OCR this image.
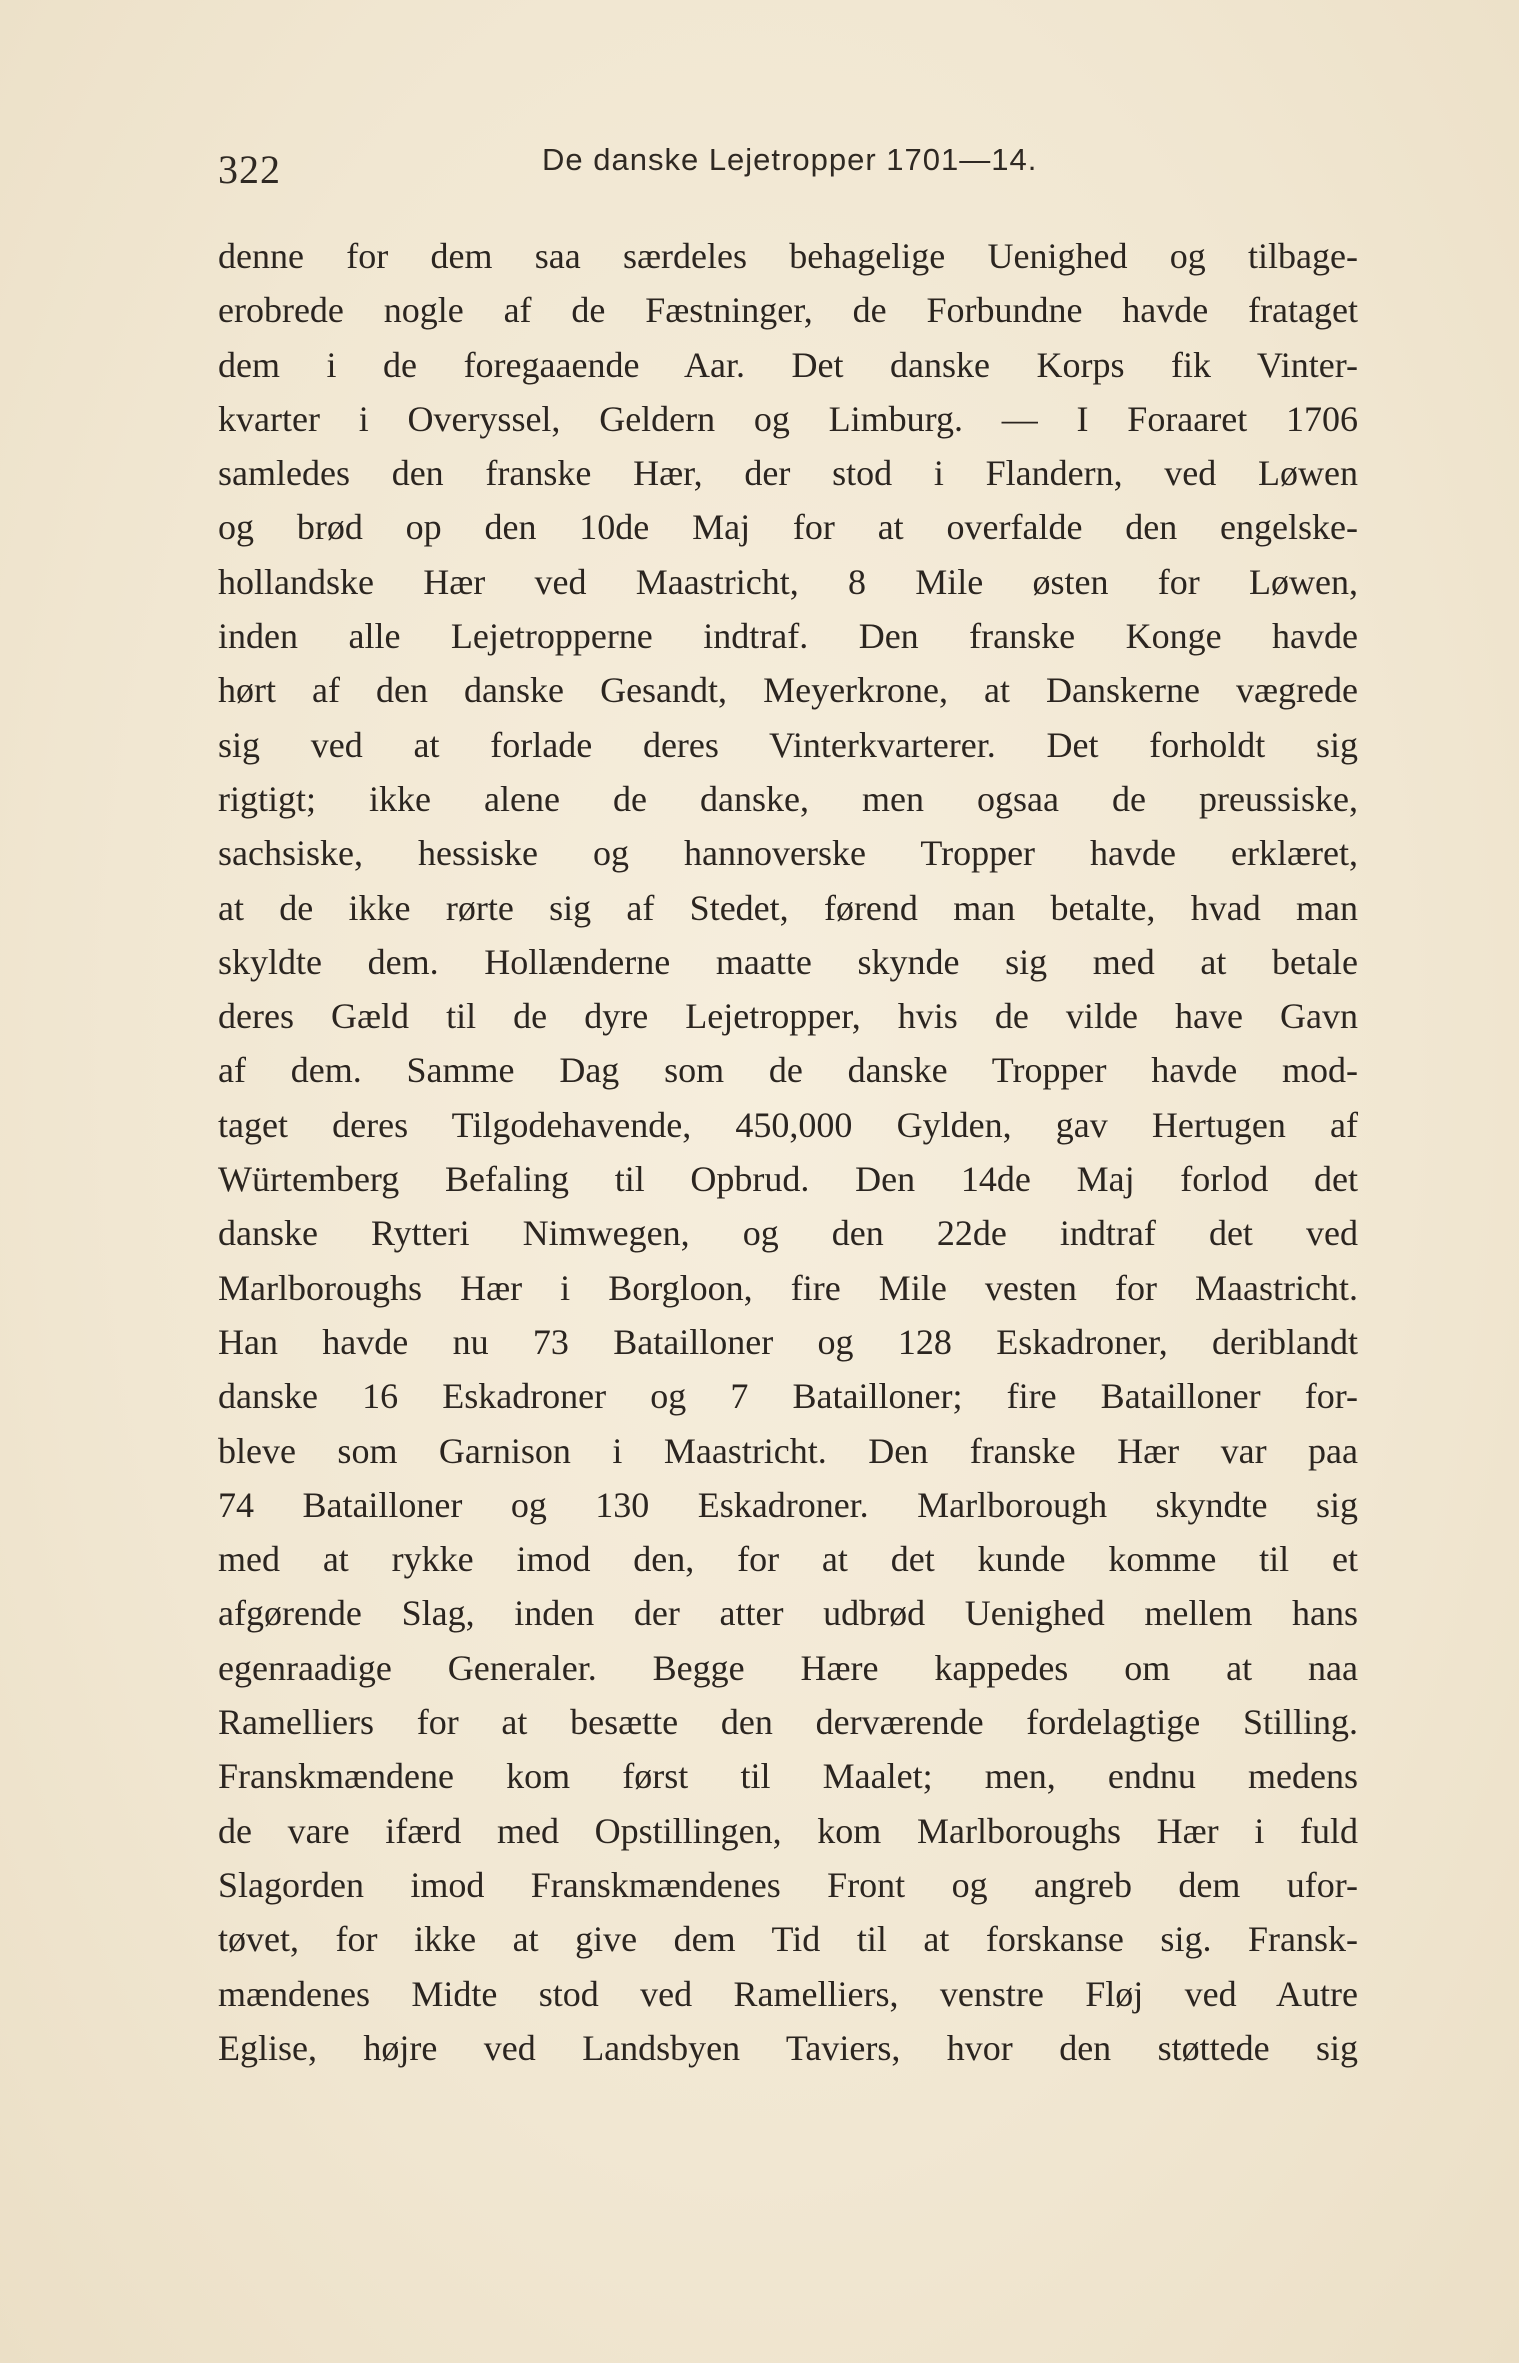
322	De danske Lejetropper 1701—14.
denne for dem saa særdeles behagelige Uenighed og tilbage-
erobrede nogle af de Fæstninger, de Forbundne havde frataget
dem i de foregaaende Aar. Det danske Korps fik Vinter-
kvarter i Overyssel, Geldern og Limburg. — I Foraaret 1706
samledes den franske Hær, der stod i Flandern, ved Løwen
og brød op den 10de Maj for at overfalde den engelske-
hollandske Hær ved Maastricht, 8 Mile østen for Løwen,
inden alle Lejetropperne indtraf. Den franske Konge havde
hørt af den danske Gesandt, Meyerkrone, at Danskerne vægrede
sig ved at forlade deres Vinterkvarterer. Det forholdt sig
rigtigt; ikke alene de danske, men ogsaa de preussiske,
sachsiske, hessiske og hannoverske Tropper havde erklæret,
at de ikke rørte sig af Stedet, førend man betalte, hvad man
skyldte dem. Hollænderne maatte skynde sig med at betale
deres Gæld til de dyre Lejetropper, hvis de vilde have Gavn
af dem. Samme Dag som de danske Tropper havde mod-
taget deres Tilgodehavende, 450,000 Gylden, gav Hertugen af
Würtemberg Befaling til Opbrud. Den 14de Maj forlod det
danske Rytteri Nimwegen, og den 22de indtraf det ved
Marlboroughs Hær i Borgloon, fire Mile vesten for Maastricht.
Han havde nu 73 Batailloner og 128 Eskadroner, deriblandt
danske 16 Eskadroner og 7 Batailloner; fire Batailloner for-
bleve som Garnison i Maastricht. Den franske Hær var paa
74 Batailloner og 130 Eskadroner. Marlborough skyndte sig
med at rykke imod den, for at det kunde komme til et
afgørende Slag, inden der atter udbrød Uenighed mellem hans
egenraadige Generaler. Begge Hære kappedes om at naa
Ramelliers for at besætte den derværende fordelagtige Stilling.
Franskmændene kom først til Maalet; men, endnu medens
de vare ifærd med Opstillingen, kom Marlboroughs Hær i fuld
Slagorden imod Franskmændenes Front og angreb dem ufor-
tøvet, for ikke at give dem Tid til at forskanse sig. Fransk-
mændenes Midte stod ved Ramelliers, venstre Fløj ved Autre
Eglise, højre ved Landsbyen Taviers, hvor den støttede sig
